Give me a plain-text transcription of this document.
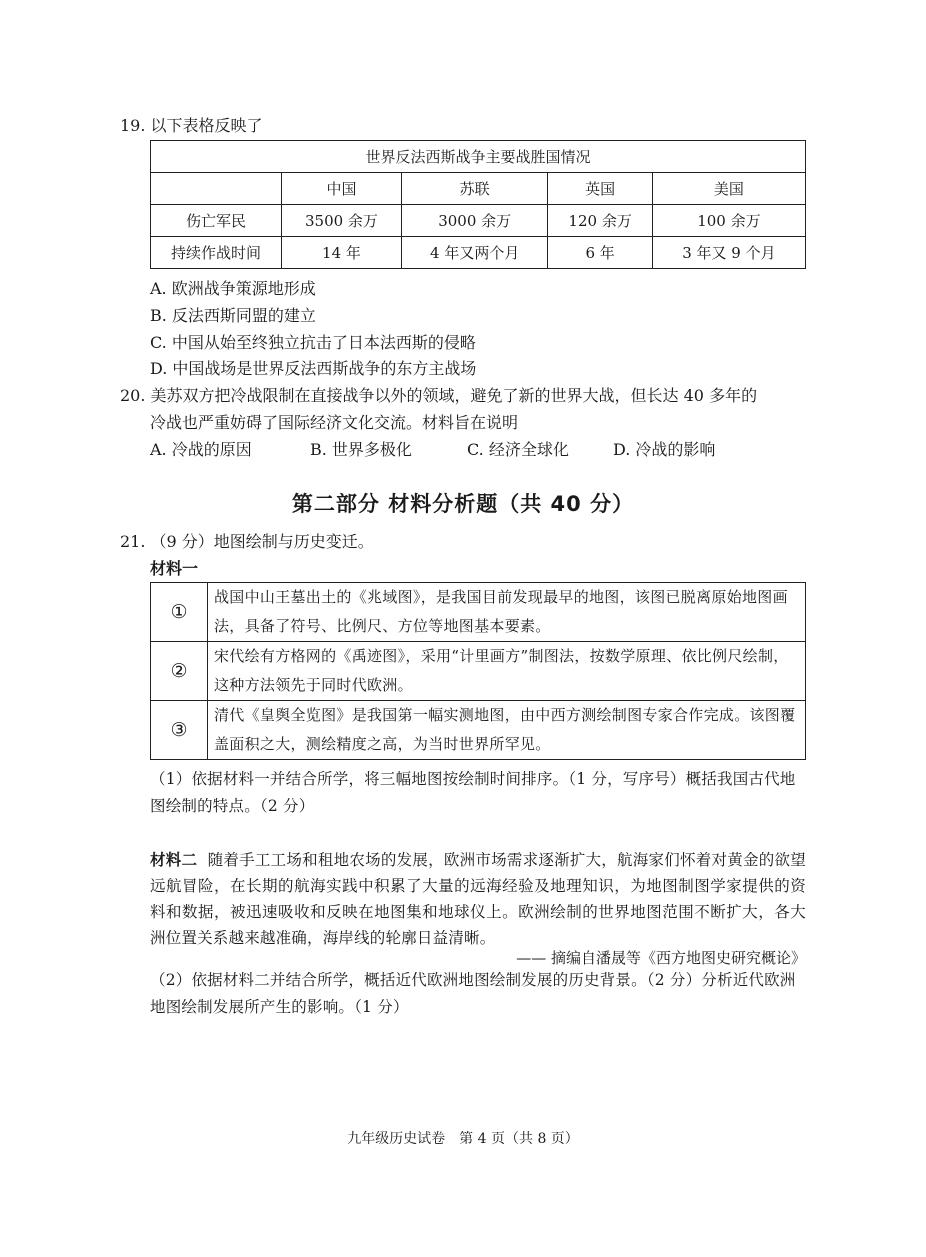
19. 以下表格反映了
世界反法西斯战争主要战胜国情况				
	中国	苏联	英国	美国
伤亡军民	3500 余万	3000 余万	120 余万	100 余万
持续作战时间	14 年	4 年又两个月	6 年	3 年又 9 个月
A. 欧洲战争策源地形成
B. 反法西斯同盟的建立
C. 中国从始至终独立抗击了日本法西斯的侵略
D. 中国战场是世界反法西斯战争的东方主战场
20. 美苏双方把冷战限制在直接战争以外的领域，避免了新的世界大战，但长达 40 多年的
冷战也严重妨碍了国际经济文化交流。材料旨在说明
A. 冷战的原因	B. 世界多极化	C. 经济全球化	D. 冷战的影响
第二部分 材料分析题（共 40 分）
21. （9 分）地图绘制与历史变迁。
材料一
①	战国中山王墓出土的《兆域图》，是我国目前发现最早的地图，该图已脱离原始地图画法，具备了符号、比例尺、方位等地图基本要素。
②	宋代绘有方格网的《禹迹图》，采用“计里画方”制图法，按数学原理、依比例尺绘制，这种方法领先于同时代欧洲。
③	清代《皇舆全览图》是我国第一幅实测地图，由中西方测绘制图专家合作完成。该图覆盖面积之大，测绘精度之高，为当时世界所罕见。
（1）依据材料一并结合所学，将三幅地图按绘制时间排序。（1 分，写序号）概括我国古代地图绘制的特点。（2 分）
材料二 随着手工工场和租地农场的发展，欧洲市场需求逐渐扩大，航海家们怀着对黄金的欲望远航冒险，在长期的航海实践中积累了大量的远海经验及地理知识，为地图制图学家提供的资料和数据，被迅速吸收和反映在地图集和地球仪上。欧洲绘制的世界地图范围不断扩大，各大洲位置关系越来越准确，海岸线的轮廓日益清晰。
—— 摘编自潘晟等《西方地图史研究概论》
（2）依据材料二并结合所学，概括近代欧洲地图绘制发展的历史背景。（2 分）分析近代欧洲地图绘制发展所产生的影响。（1 分）
九年级历史试卷　第 4 页（共 8 页）
